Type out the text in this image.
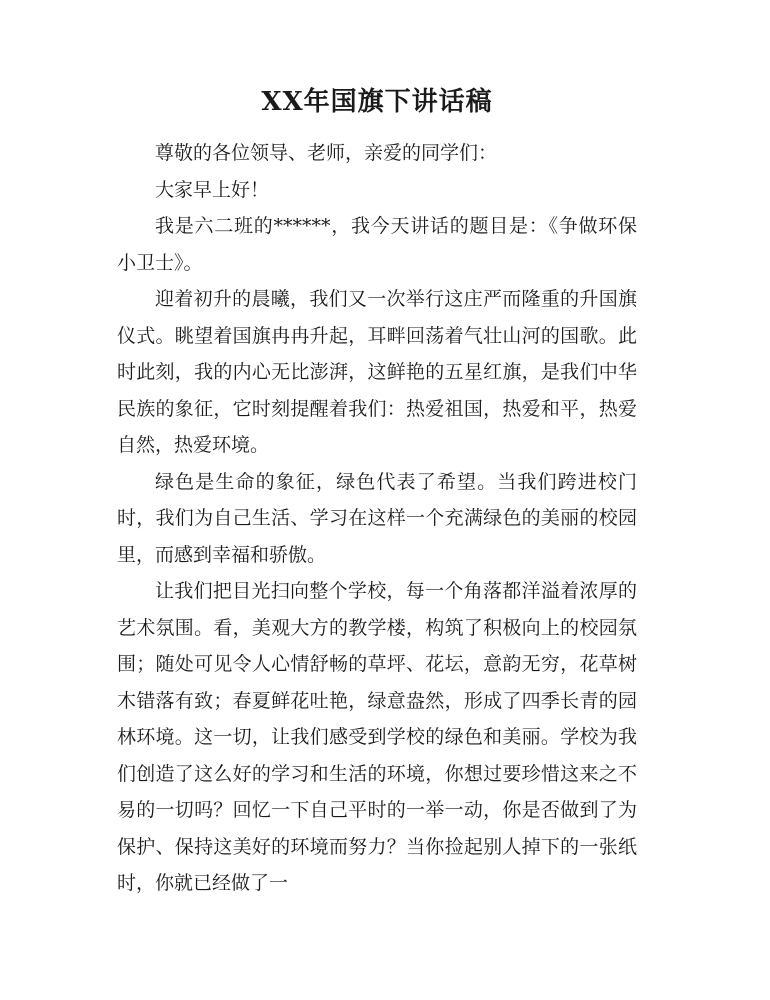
XX年国旗下讲话稿

尊敬的各位领导、老师，亲爱的同学们：

大家早上好！

我是六二班的******，我今天讲话的题目是：《争做环保小卫士》。

迎着初升的晨曦，我们又一次举行这庄严而隆重的升国旗仪式。眺望着国旗冉冉升起，耳畔回荡着气壮山河的国歌。此时此刻，我的内心无比澎湃，这鲜艳的五星红旗，是我们中华民族的象征，它时刻提醒着我们：热爱祖国，热爱和平，热爱自然，热爱环境。

绿色是生命的象征，绿色代表了希望。当我们跨进校门时，我们为自己生活、学习在这样一个充满绿色的美丽的校园里，而感到幸福和骄傲。

让我们把目光扫向整个学校，每一个角落都洋溢着浓厚的艺术氛围。看，美观大方的教学楼，构筑了积极向上的校园氛围；随处可见令人心情舒畅的草坪、花坛，意韵无穷，花草树木错落有致；春夏鲜花吐艳，绿意盎然，形成了四季长青的园林环境。这一切，让我们感受到学校的绿色和美丽。学校为我们创造了这么好的学习和生活的环境，你想过要珍惜这来之不易的一切吗？回忆一下自己平时的一举一动，你是否做到了为保护、保持这美好的环境而努力？当你捡起别人掉下的一张纸时，你就已经做了一
